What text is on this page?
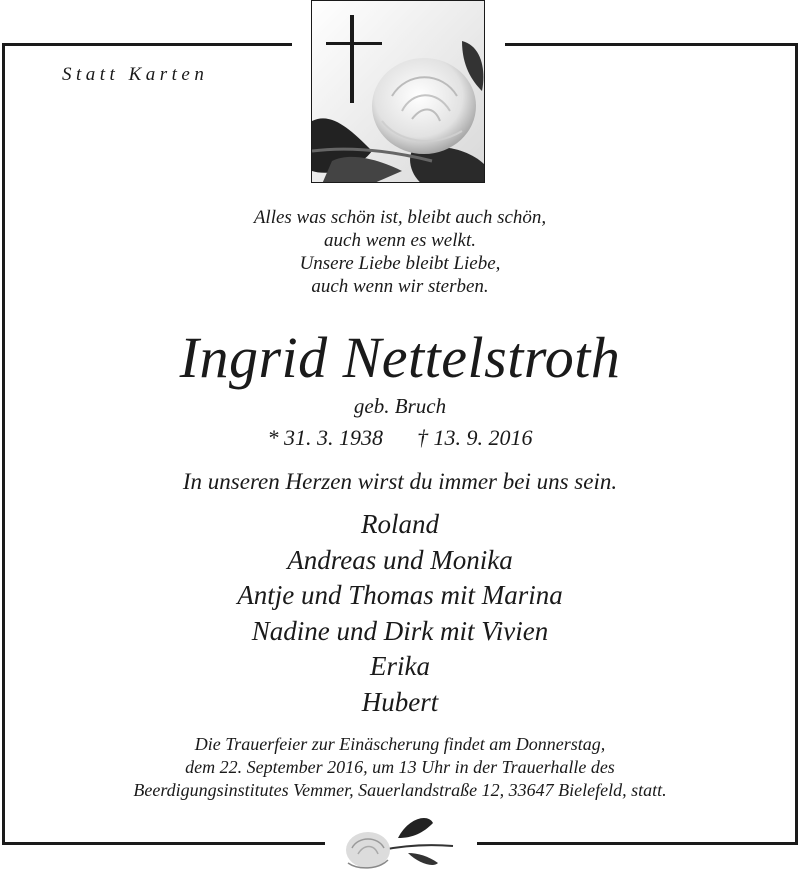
Statt Karten
Alles was schön ist, bleibt auch schön,
auch wenn es welkt.
Unsere Liebe bleibt Liebe,
auch wenn wir sterben.
Ingrid Nettelstroth
geb. Bruch
* 31. 3. 1938 † 13. 9. 2016
In unseren Herzen wirst du immer bei uns sein.
Roland
Andreas und Monika
Antje und Thomas mit Marina
Nadine und Dirk mit Vivien
Erika
Hubert
Die Trauerfeier zur Einäscherung findet am Donnerstag,
dem 22. September 2016, um 13 Uhr in der Trauerhalle des
Beerdigungsinstitutes Vemmer, Sauerlandstraße 12, 33647 Bielefeld, statt.
